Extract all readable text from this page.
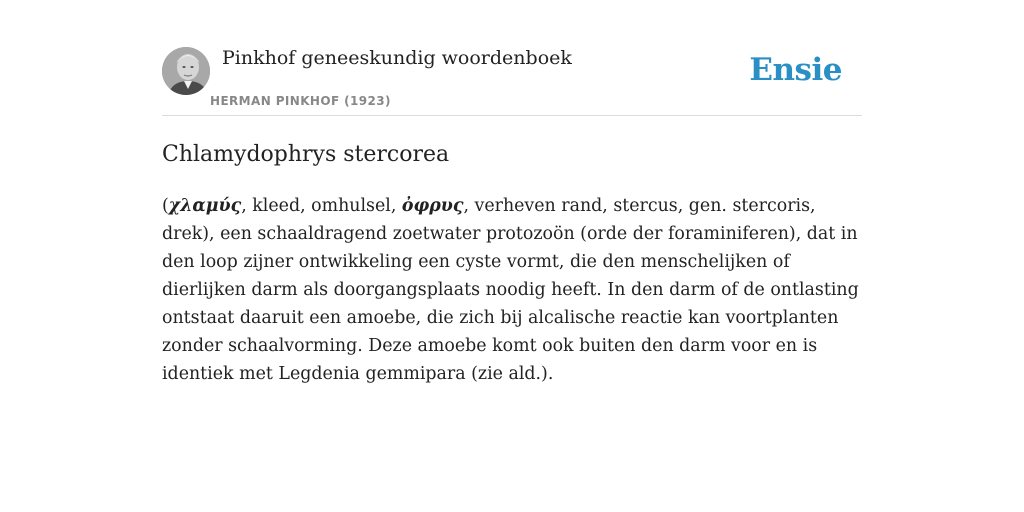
Pinkhof geneeskundig woordenboek
HERMAN PINKHOF (1923)
Ensie
Chlamydophrys stercorea

(χλαμύς, kleed, omhulsel, ὀφρυς, verheven rand, stercus, gen. stercoris, drek), een schaaldragend zoetwater protozoön (orde der foraminiferen), dat in den loop zijner ontwikkeling een cyste vormt, die den menschelijken of dierlijken darm als doorgangsplaats noodig heeft. In den darm of de ontlasting ontstaat daaruit een amoebe, die zich bij alcalische reactie kan voortplanten zonder schaalvorming. Deze amoebe komt ook buiten den darm voor en is identiek met Legdenia gemmipara (zie ald.).
